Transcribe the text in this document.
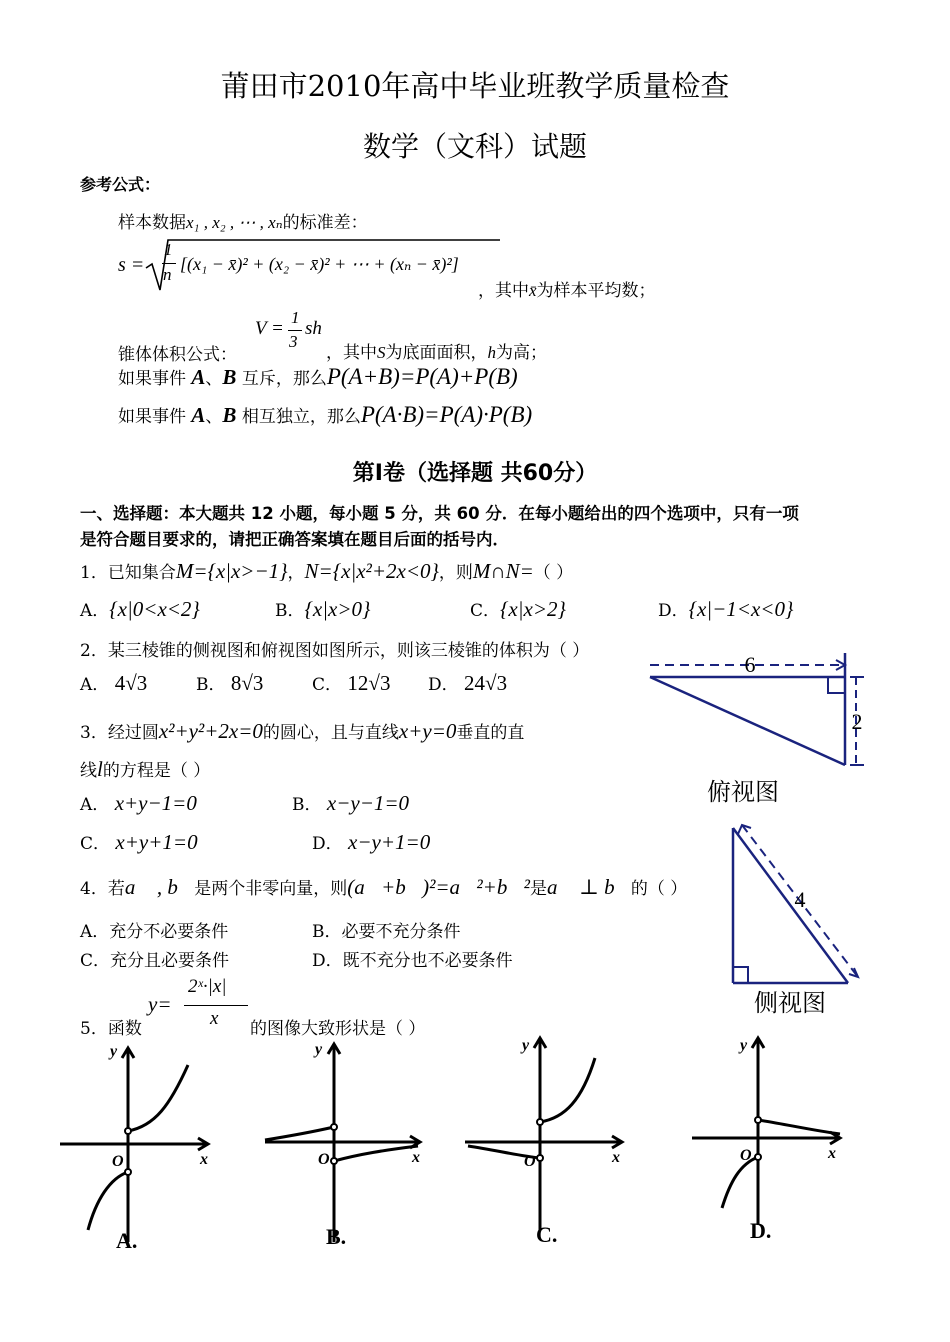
莆田市2010年高中毕业班教学质量检查
数学（文科）试题
参考公式：
样本数据x₁ , x₂ , ⋯ , xₙ的标准差：
s =
1
n
[(x₁ − x̄)² + (x₂ − x̄)² + ⋯ + (xₙ − x̄)²]
，其中x̄为样本平均数；
锥体体积公式：
V =
1
3
sh
，其中S为底面面积，h为高；
如果事件 A、B 互斥，那么P(A+B)=P(A)+P(B)
如果事件 A、B 相互独立，那么P(A·B)=P(A)·P(B)
第Ⅰ卷（选择题 共60分）
一、选择题：本大题共 12 小题，每小题 5 分，共 60 分．在每小题给出的四个选项中，只有一项
是符合题目要求的，请把正确答案填在题目后面的括号内．
1．已知集合M={x|x>−1}，N={x|x²+2x<0}，则M∩N=（ ）
A．{x|0<x<2}	B．{x|x>0}	C．{x|x>2}	D．{x|−1<x<0}
2．某三棱锥的侧视图和俯视图如图所示，则该三棱锥的体积为（ ）
A． 4√3	B． 8√3	C． 12√3 D． 24√3
6
2
俯视图
4
侧视图
3．经过圆x²+y²+2x=0的圆心，且与直线x+y=0垂直的直
线l的方程是（ ）
A． x+y−1=0	B． x−y−1=0
C． x+y+1=0	D． x−y+1=0
4．若a⃗ , b⃗是两个非零向量，则(a⃗+b⃗)²=a⃗²+b⃗²是a⃗ ⊥ b⃗的（ ）
A．充分不必要条件	B．必要不充分条件
C．充分且必要条件	D．既不充分也不必要条件
5．函数
y=
2ˣ·|x|
x 的图像大致形状是（ ）
x
y
O
A.
x
y
O
B.
x
y
O
C.
x
y
O
D.
